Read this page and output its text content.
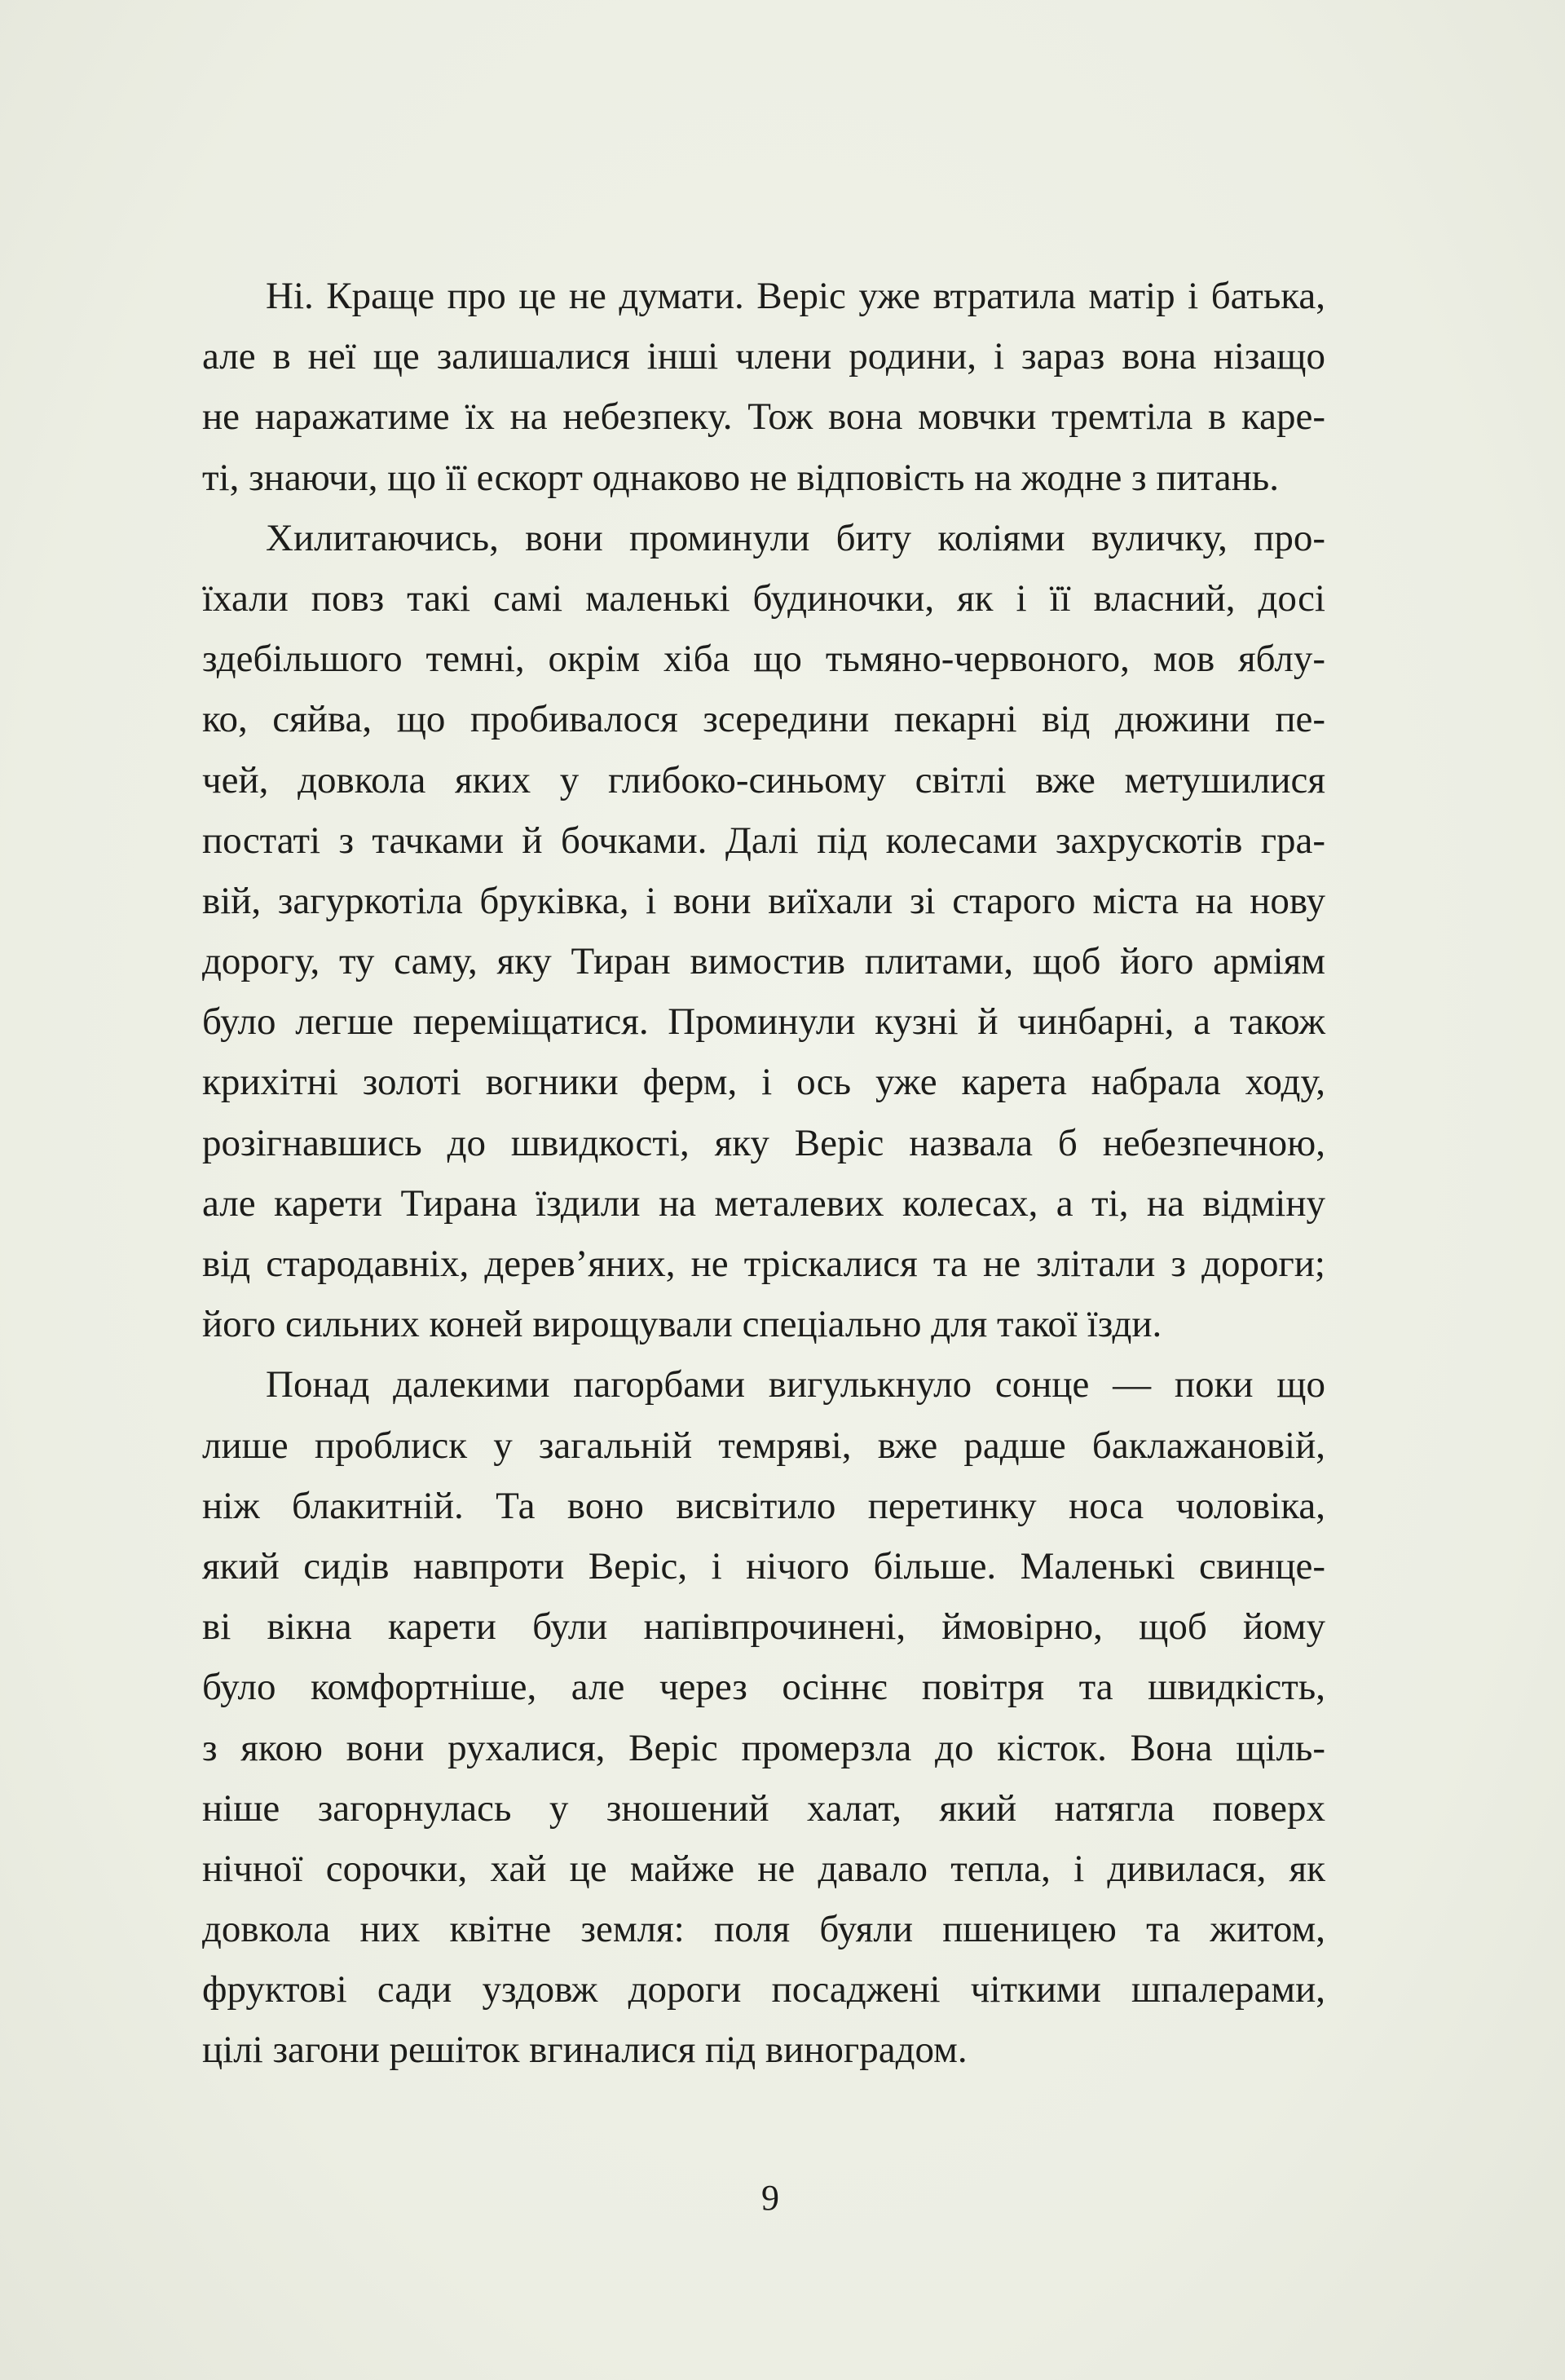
Ні. Краще про це не думати. Веріс уже втратила матір і батька,
але в неї ще залишалися інші члени родини, і зараз вона нізащо
не наражатиме їх на небезпеку. Тож вона мовчки тремтіла в каре-
ті, знаючи, що її ескорт однаково не відповість на жодне з питань.
Хилитаючись, вони проминули биту коліями вуличку, про-
їхали повз такі самі маленькі будиночки, як і її власний, досі
здебільшого темні, окрім хіба що тьмяно-червоного, мов яблу-
ко, сяйва, що пробивалося зсередини пекарні від дюжини пе-
чей, довкола яких у глибоко-синьому світлі вже метушилися
постаті з тачками й бочками. Далі під колесами захрускотів гра-
вій, загуркотіла бруківка, і вони виїхали зі старого міста на нову
дорогу, ту саму, яку Тиран вимостив плитами, щоб його арміям
було легше переміщатися. Проминули кузні й чинбарні, а також
крихітні золоті вогники ферм, і ось уже карета набрала ходу,
розігнавшись до швидкості, яку Веріс назвала б небезпечною,
але карети Тирана їздили на металевих колесах, а ті, на відміну
від стародавніх, дерев’яних, не тріскалися та не злітали з дороги;
його сильних коней вирощували спеціально для такої їзди.
Понад далекими пагорбами вигулькнуло сонце — поки що
лише проблиск у загальній темряві, вже радше баклажановій,
ніж блакитній. Та воно висвітило перетинку носа чоловіка,
який сидів навпроти Веріс, і нічого більше. Маленькі свинце-
ві вікна карети були напівпрочинені, ймовірно, щоб йому
було комфортніше, але через осіннє повітря та швидкість,
з якою вони рухалися, Веріс промерзла до кісток. Вона щіль-
ніше загорнулась у зношений халат, який натягла поверх
нічної сорочки, хай це майже не давало тепла, і дивилася, як
довкола них квітне земля: поля буяли пшеницею та житом,
фруктові сади уздовж дороги посаджені чіткими шпалерами,
цілі загони решіток вгиналися під виноградом.
9
